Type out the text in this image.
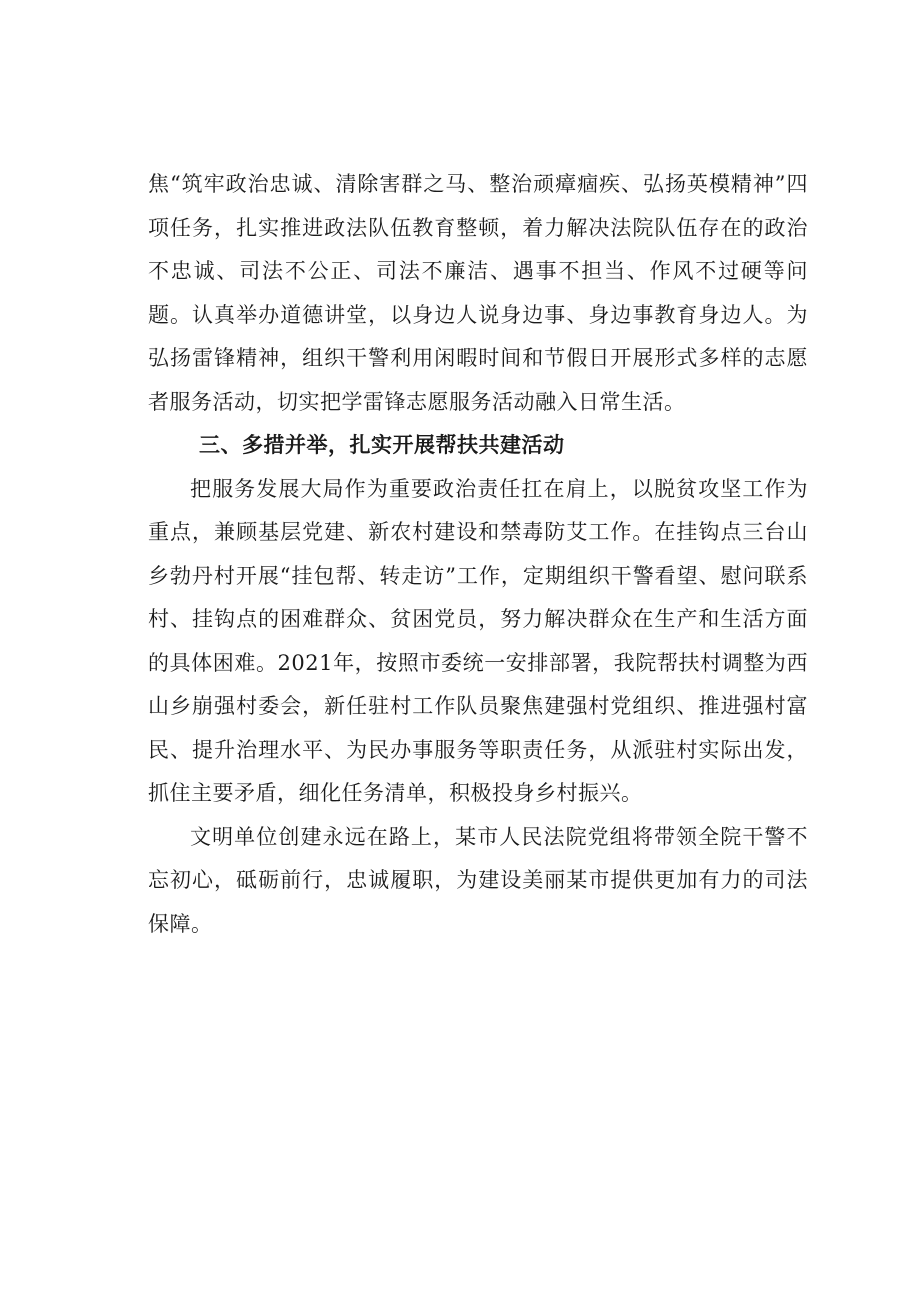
焦“筑牢政治忠诚、清除害群之马、整治顽瘴痼疾、弘扬英模精神”四项任务，扎实推进政法队伍教育整顿，着力解决法院队伍存在的政治不忠诚、司法不公正、司法不廉洁、遇事不担当、作风不过硬等问题。认真举办道德讲堂，以身边人说身边事、身边事教育身边人。为弘扬雷锋精神，组织干警利用闲暇时间和节假日开展形式多样的志愿者服务活动，切实把学雷锋志愿服务活动融入日常生活。

三、多措并举，扎实开展帮扶共建活动

把服务发展大局作为重要政治责任扛在肩上，以脱贫攻坚工作为重点，兼顾基层党建、新农村建设和禁毒防艾工作。在挂钩点三台山乡勃丹村开展“挂包帮、转走访”工作，定期组织干警看望、慰问联系村、挂钩点的困难群众、贫困党员，努力解决群众在生产和生活方面的具体困难。2021年，按照市委统一安排部署，我院帮扶村调整为西山乡崩强村委会，新任驻村工作队员聚焦建强村党组织、推进强村富民、提升治理水平、为民办事服务等职责任务，从派驻村实际出发，抓住主要矛盾，细化任务清单，积极投身乡村振兴。

文明单位创建永远在路上，某市人民法院党组将带领全院干警不忘初心，砥砺前行，忠诚履职，为建设美丽某市提供更加有力的司法保障。
